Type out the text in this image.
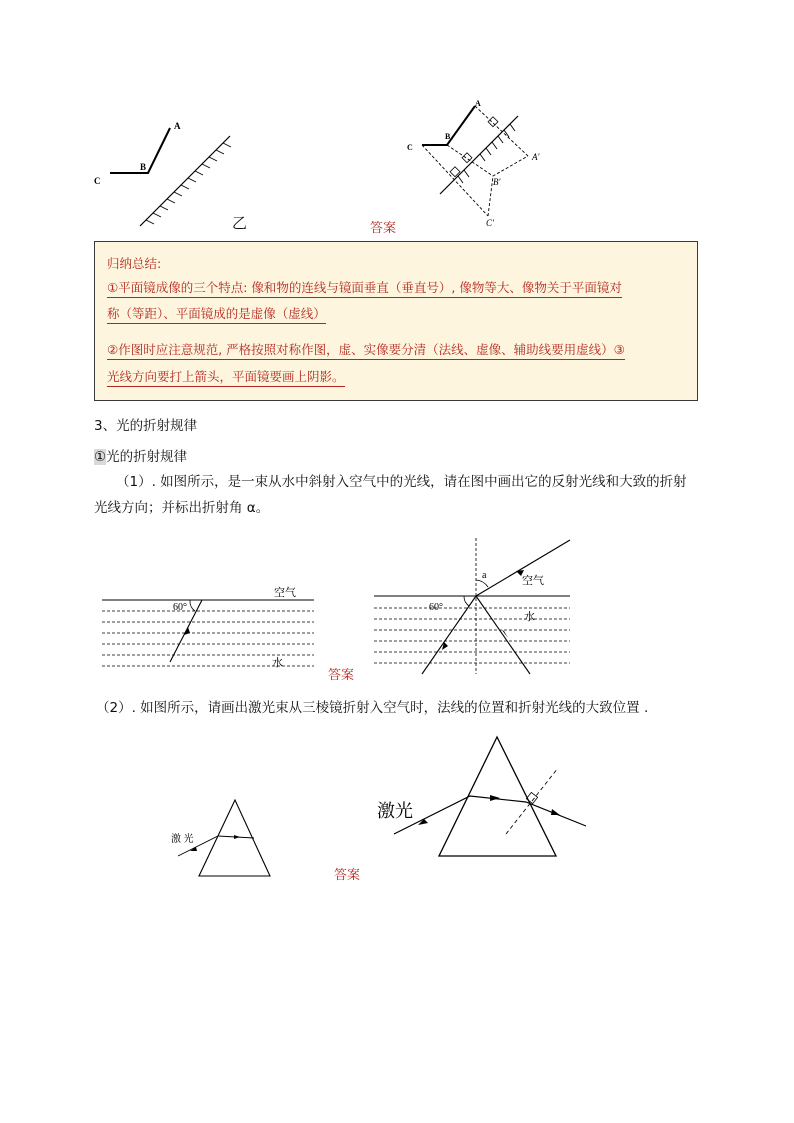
A
B
C
乙	答案
A
B
C
A′
B′
C′
归纳总结:
①平面镜成像的三个特点: 像和物的连线与镜面垂直（垂直号）, 像物等大、像物关于平面镜对
称（等距）、平面镜成的是虚像（虚线）
②作图时应注意规范, 严格按照对称作图，虚、实像要分清（法线、虚像、辅助线要用虚线）③
光线方向要打上箭头，平面镜要画上阴影。
3、光的折射规律
①光的折射规律
（1）. 如图所示，是一束从水中斜射入空气中的光线，请在图中画出它的反射光线和大致的折射
光线方向；并标出折射角 α。
空气
水
60°
答案
a	空气
水
60°
（2）. 如图所示，请画出激光束从三棱镜折射入空气时，法线的位置和折射光线的大致位置 .
激 光
答案
激光
